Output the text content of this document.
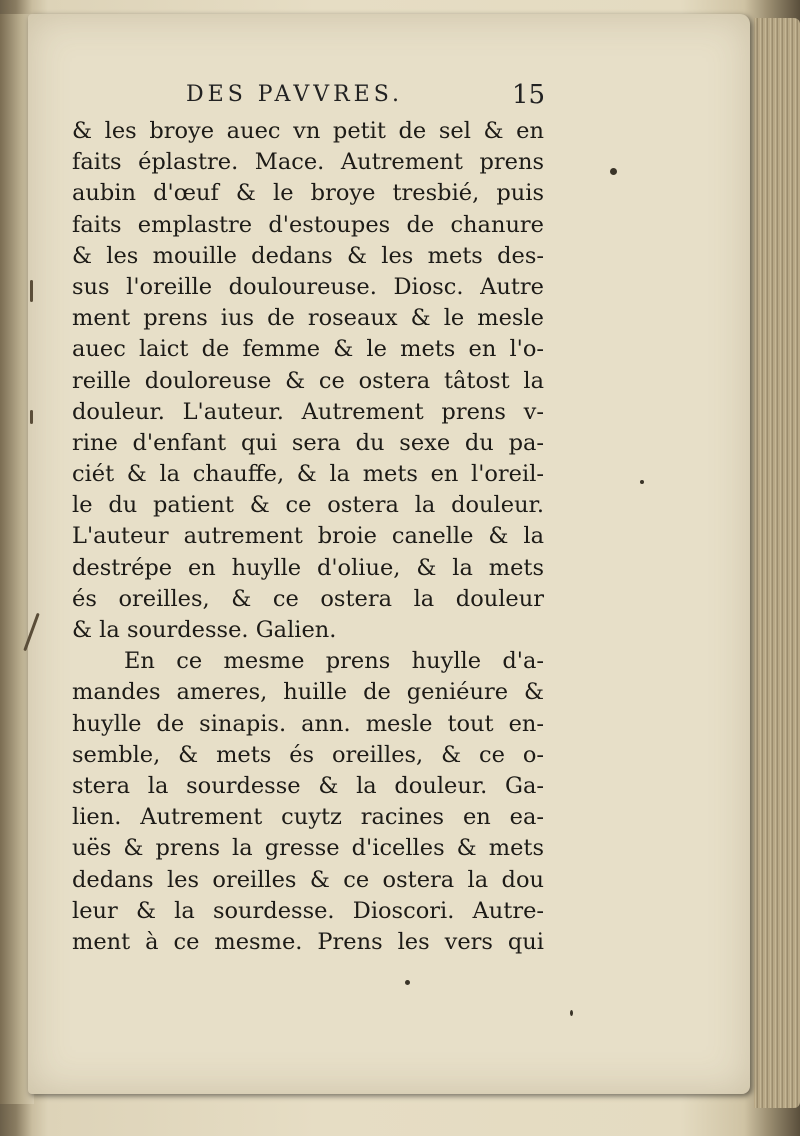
DES PAVVRES.	15
& les broye auec vn petit de sel & en
faits éplastre. Mace. Autrement prens
aubin d'œuf & le broye tresbié, puis
faits emplastre d'estoupes de chanure
& les mouille dedans & les mets des-
sus l'oreille douloureuse. Diosc. Autre
ment prens ius de roseaux & le mesle
auec laict de femme & le mets en l'o-
reille douloreuse & ce ostera tâtost la
douleur. L'auteur. Autrement prens v-
rine d'enfant qui sera du sexe du pa-
ciét & la chauffe, & la mets en l'oreil-
le du patient & ce ostera la douleur.
L'auteur autrement broie canelle & la
destrépe en huylle d'oliue, & la mets
és oreilles, & ce ostera la douleur
& la sourdesse. Galien.
En ce mesme prens huylle d'a-
mandes ameres, huille de geniéure &
huylle de sinapis. ann. mesle tout en-
semble, & mets és oreilles, & ce o-
stera la sourdesse & la douleur. Ga-
lien. Autrement cuytz racines en ea-
uës & prens la gresse d'icelles & mets
dedans les oreilles & ce ostera la dou
leur & la sourdesse. Dioscori. Autre-
ment à ce mesme. Prens les vers qui
